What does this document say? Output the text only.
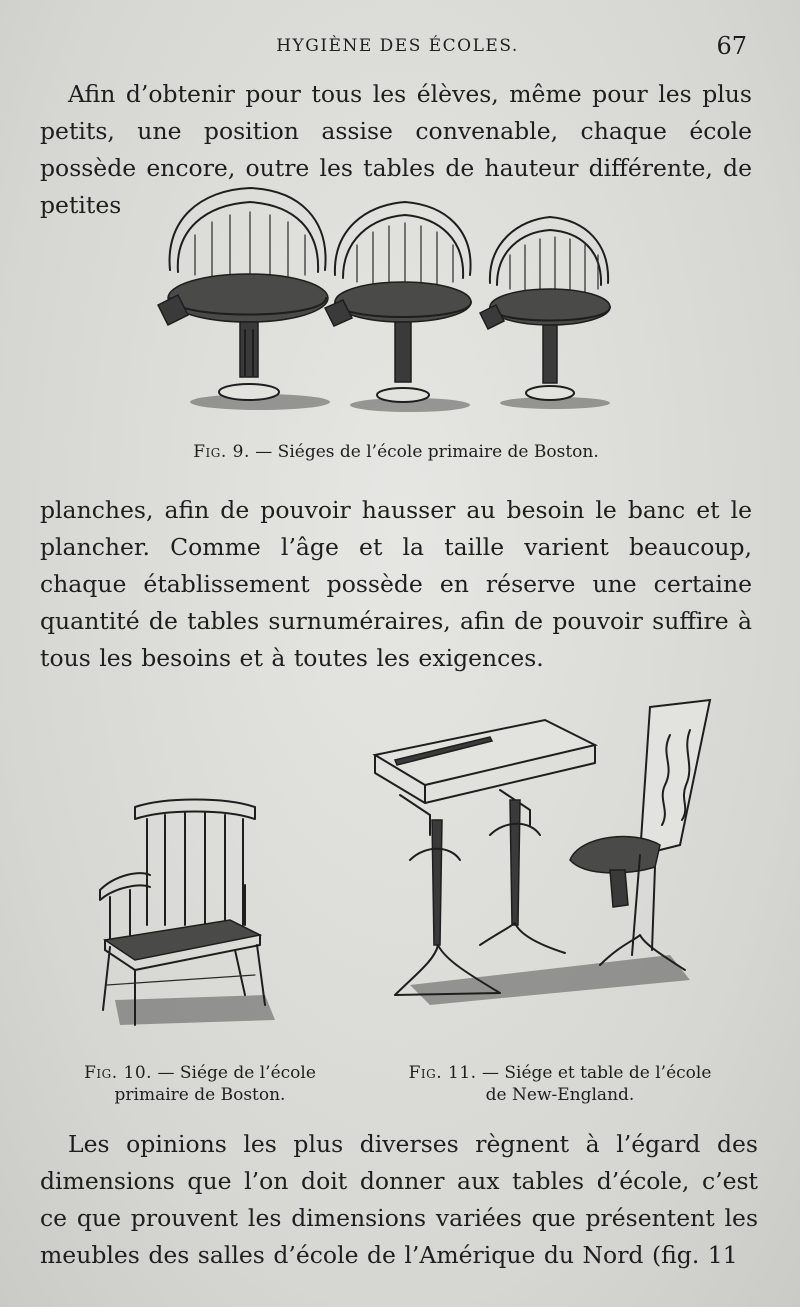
HYGIÈNE DES ÉCOLES.	67

Afin d’obtenir pour tous les élèves, même pour les plus petits, une position assise convenable, chaque école possède encore, outre les tables de hauteur différente, de petites

Fig. 9. — Siéges de l’école primaire de Boston.

planches, afin de pouvoir hausser au besoin le banc et le plancher. Comme l’âge et la taille varient beaucoup, chaque établissement possède en réserve une certaine quantité de tables surnuméraires, afin de pouvoir suffire à tous les besoins et à toutes les exigences.

Fig. 10. — Siége de l’école
primaire de Boston.
Fig. 11. — Siége et table de l’école
de New-England.

Les opinions les plus diverses règnent à l’égard des dimensions que l’on doit donner aux tables d’école, c’est ce que prouvent les dimensions variées que présentent les meubles des salles d’école de l’Amérique du Nord (fig. 11
